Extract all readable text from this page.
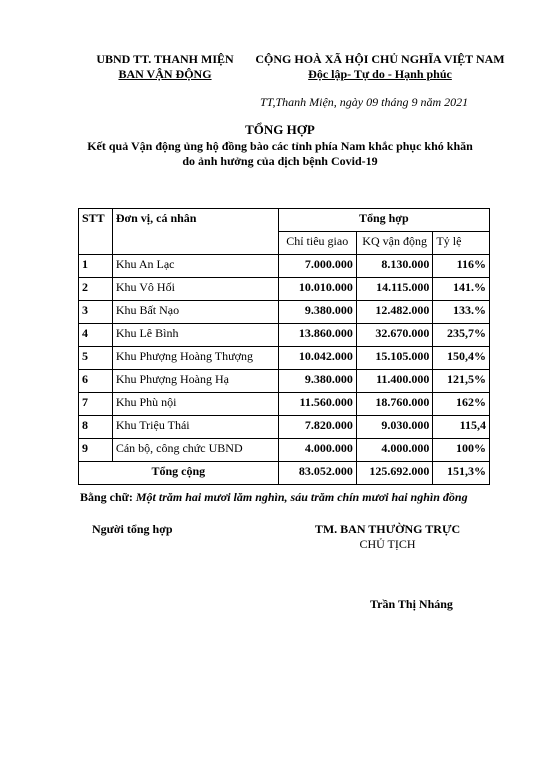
UBND TT. THANH MIỆN
BAN VẬN ĐỘNG
CỘNG HOÀ XÃ HỘI CHỦ NGHĨA VIỆT NAM
Độc lập- Tự do - Hạnh phúc
TT,Thanh Miện, ngày 09 tháng 9 năm 2021
TỔNG HỢP
Kết quả Vận động ủng hộ đồng bào các tỉnh phía Nam khắc phục khó khăn
do ảnh hưởng của dịch bệnh Covid-19
STT	Đơn vị, cá nhân	Tổng hợp		
		Chỉ tiêu giao	KQ vận động	Tỷ lệ
1	Khu An Lạc	7.000.000	8.130.000	116%
2	Khu Vô Hối	10.010.000	14.115.000	141.%
3	Khu Bất Nạo	9.380.000	12.482.000	133.%
4	Khu Lê Bình	13.860.000	32.670.000	235,7%
5	Khu Phượng Hoàng Thượng	10.042.000	15.105.000	150,4%
6	Khu Phượng Hoàng Hạ	9.380.000	11.400.000	121,5%
7	Khu Phù nội	11.560.000	18.760.000	162%
8	Khu Triệu Thái	7.820.000	9.030.000	115,4
9	Cán bộ, công chức UBND	4.000.000	4.000.000	100%
Tổng cộng		83.052.000	125.692.000	151,3%
Bằng chữ: Một trăm hai mươi lăm nghìn, sáu trăm chín mươi hai nghìn đồng
Người tổng hợp	TM. BAN THƯỜNG TRỰC
CHỦ TỊCH
Trần Thị Nháng
